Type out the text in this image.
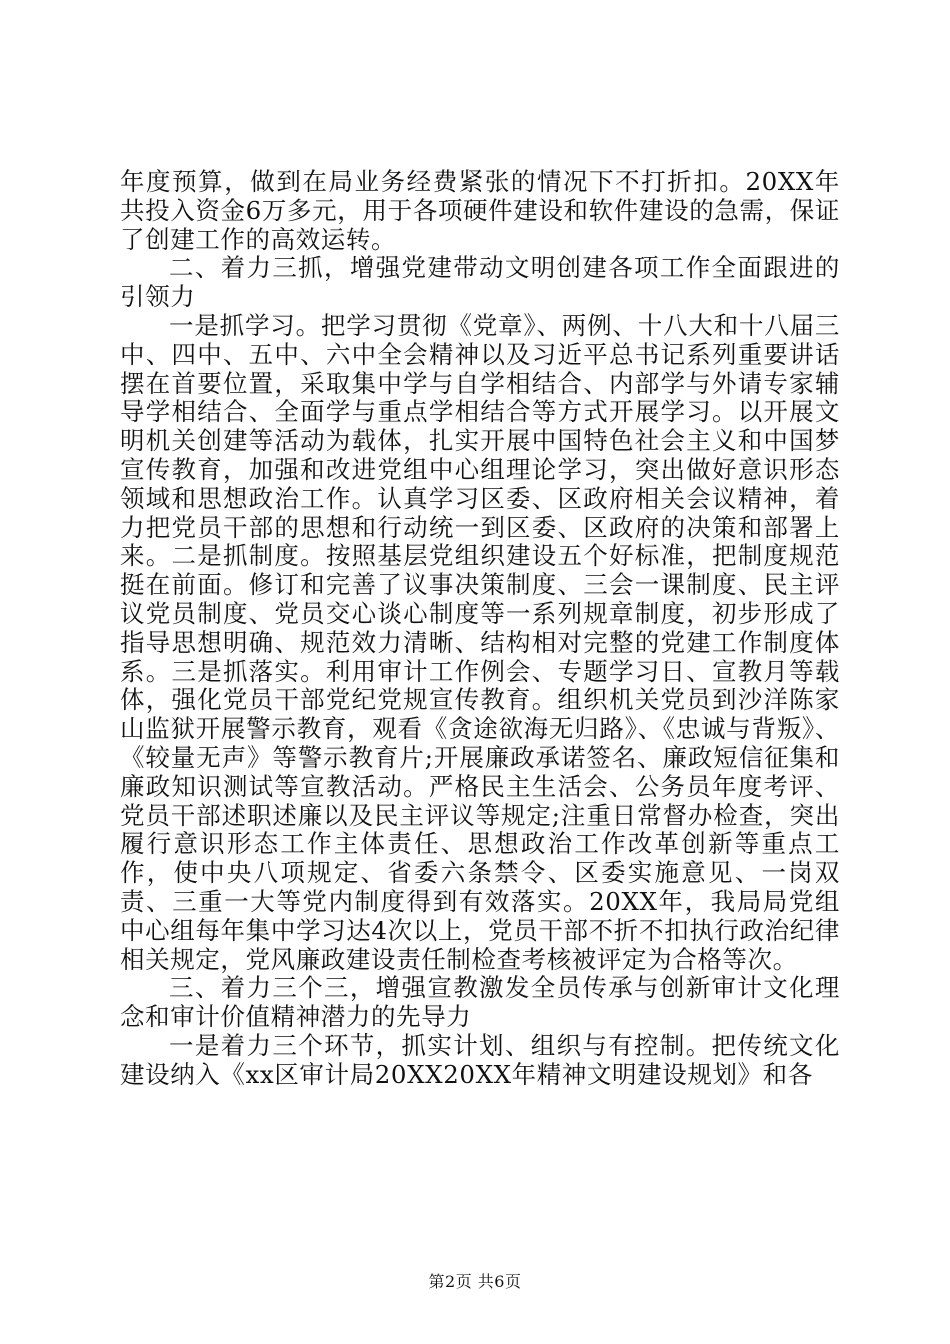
年度预算，做到在局业务经费紧张的情况下不打折扣。20XX年共投入资金6万多元，用于各项硬件建设和软件建设的急需，保证了创建工作的高效运转。

二、着力三抓，增强党建带动文明创建各项工作全面跟进的引领力

一是抓学习。把学习贯彻《党章》、两例、十八大和十八届三中、四中、五中、六中全会精神以及习近平总书记系列重要讲话摆在首要位置，采取集中学与自学相结合、内部学与外请专家辅导学相结合、全面学与重点学相结合等方式开展学习。以开展文明机关创建等活动为载体，扎实开展中国特色社会主义和中国梦宣传教育，加强和改进党组中心组理论学习，突出做好意识形态领域和思想政治工作。认真学习区委、区政府相关会议精神，着力把党员干部的思想和行动统一到区委、区政府的决策和部署上来。二是抓制度。按照基层党组织建设五个好标准，把制度规范挺在前面。修订和完善了议事决策制度、三会一课制度、民主评议党员制度、党员交心谈心制度等一系列规章制度，初步形成了指导思想明确、规范效力清晰、结构相对完整的党建工作制度体系。三是抓落实。利用审计工作例会、专题学习日、宣教月等载体，强化党员干部党纪党规宣传教育。组织机关党员到沙洋陈家山监狱开展警示教育，观看《贪途欲海无归路》、《忠诚与背叛》、《较量无声》等警示教育片;开展廉政承诺签名、廉政短信征集和廉政知识测试等宣教活动。严格民主生活会、公务员年度考评、党员干部述职述廉以及民主评议等规定;注重日常督办检查，突出履行意识形态工作主体责任、思想政治工作改革创新等重点工作，使中央八项规定、省委六条禁令、区委实施意见、一岗双责、三重一大等党内制度得到有效落实。20XX年，我局局党组中心组每年集中学习达4次以上，党员干部不折不扣执行政治纪律相关规定，党风廉政建设责任制检查考核被评定为合格等次。

三、着力三个三，增强宣教激发全员传承与创新审计文化理念和审计价值精神潜力的先导力

一是着力三个环节，抓实计划、组织与有控制。把传统文化建设纳入《xx区审计局20XX20XX年精神文明建设规划》和各

第2页 共6页
